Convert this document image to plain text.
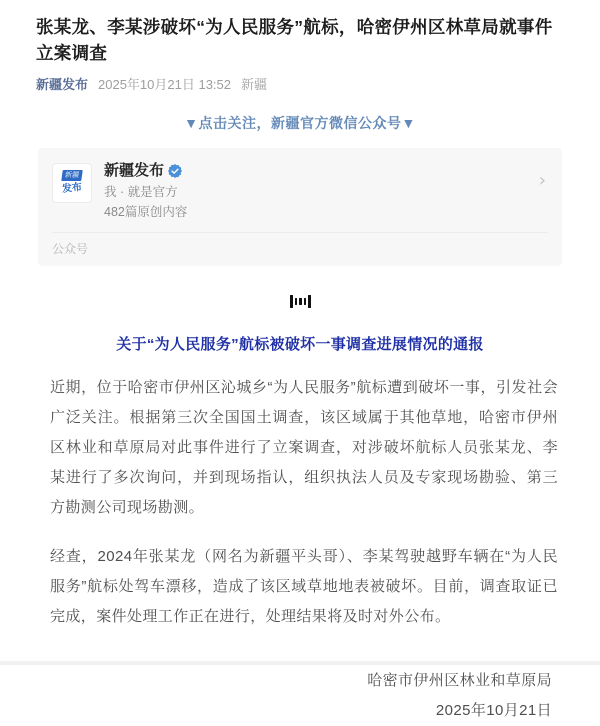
张某龙、李某涉破坏“为人民服务”航标，哈密伊州区林草局就事件立案调查
新疆发布 2025年10月21日 13:52 新疆
▼点击关注，新疆官方微信公众号▼
新疆
发布
新疆发布
我 · 就是官方
482篇原创内容
›
公众号
关于“为人民服务”航标被破坏一事调查进展情况的通报

近期，位于哈密市伊州区沁城乡“为人民服务”航标遭到破坏一事，引发社会广泛关注。根据第三次全国国土调查，该区域属于其他草地，哈密市伊州区林业和草原局对此事件进行了立案调查，对涉破坏航标人员张某龙、李某进行了多次询问，并到现场指认，组织执法人员及专家现场勘验、第三方勘测公司现场勘测。

经查，2024年张某龙（网名为新疆平头哥）、李某驾驶越野车辆在“为人民服务”航标处驾车漂移，造成了该区域草地地表被破坏。目前，调查取证已完成，案件处理工作正在进行，处理结果将及时对外公布。

哈密市伊州区林业和草原局
2025年10月21日
